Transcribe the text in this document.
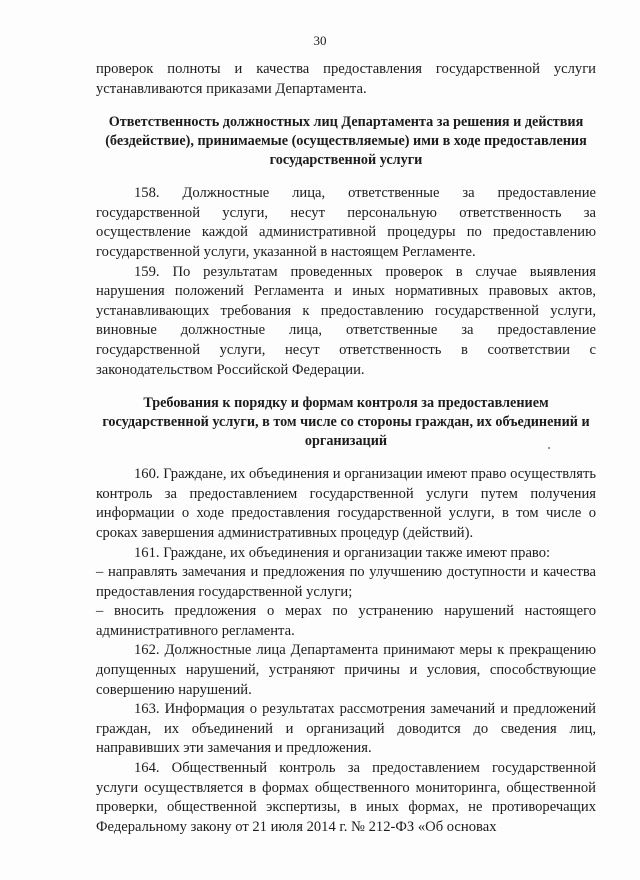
30

проверок полноты и качества предоставления государственной услуги устанавливаются приказами Департамента.

Ответственность должностных лиц Департамента за решения и действия (бездействие), принимаемые (осуществляемые) ими в ходе предоставления государственной услуги

158. Должностные лица, ответственные за предоставление государственной услуги, несут персональную ответственность за осуществление каждой административной процедуры по предоставлению государственной услуги, указанной в настоящем Регламенте.

159. По результатам проведенных проверок в случае выявления нарушения положений Регламента и иных нормативных правовых актов, устанавливающих требования к предоставлению государственной услуги, виновные должностные лица, ответственные за предоставление государственной услуги, несут ответственность в соответствии с законодательством Российской Федерации.

Требования к порядку и формам контроля за предоставлением государственной услуги, в том числе со стороны граждан, их объединений и организаций

160. Граждане, их объединения и организации имеют право осуществлять контроль за предоставлением государственной услуги путем получения информации о ходе предоставления государственной услуги, в том числе о сроках завершения административных процедур (действий).

161. Граждане, их объединения и организации также имеют право:

– направлять замечания и предложения по улучшению доступности и качества предоставления государственной услуги;

– вносить предложения о мерах по устранению нарушений настоящего административного регламента.

162. Должностные лица Департамента принимают меры к прекращению допущенных нарушений, устраняют причины и условия, способствующие совершению нарушений.

163. Информация о результатах рассмотрения замечаний и предложений граждан, их объединений и организаций доводится до сведения лиц, направивших эти замечания и предложения.

164. Общественный контроль за предоставлением государственной услуги осуществляется в формах общественного мониторинга, общественной проверки, общественной экспертизы, в иных формах, не противоречащих Федеральному закону от 21 июля 2014 г. № 212-ФЗ «Об основах
